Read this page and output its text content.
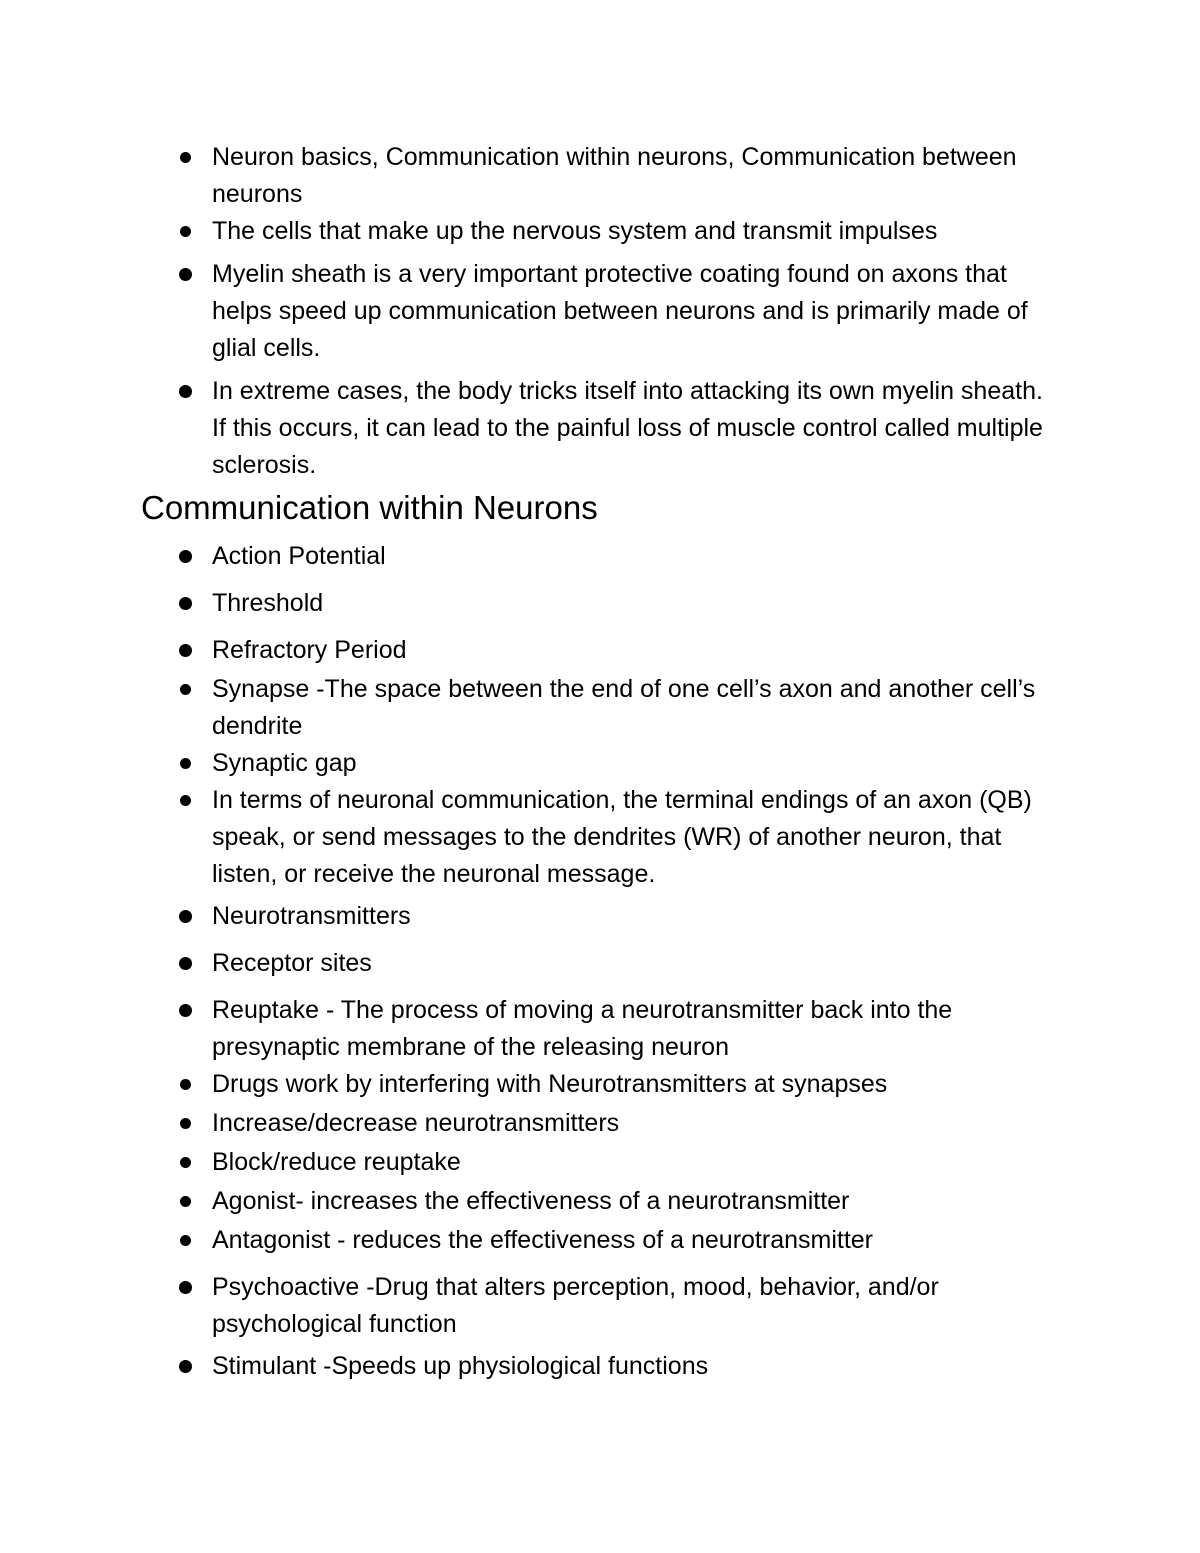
Neuron basics, Communication within neurons, Communication between neurons
The cells that make up the nervous system and transmit impulses
Myelin sheath is a very important protective coating found on axons that helps speed up communication between neurons and is primarily made of glial cells.
In extreme cases, the body tricks itself into attacking its own myelin sheath. If this occurs, it can lead to the painful loss of muscle control called multiple sclerosis.
Communication within Neurons
Action Potential
Threshold
Refractory Period
Synapse -The space between the end of one cell’s axon and another cell’s dendrite
Synaptic gap
In terms of neuronal communication, the terminal endings of an axon (QB) speak, or send messages to the dendrites (WR) of another neuron, that listen, or receive the neuronal message.
Neurotransmitters
Receptor sites
Reuptake - The process of moving a neurotransmitter back into the presynaptic membrane of the releasing neuron
Drugs work by interfering with Neurotransmitters at synapses
Increase/decrease neurotransmitters
Block/reduce reuptake
Agonist- increases the effectiveness of a neurotransmitter
Antagonist - reduces the effectiveness of a neurotransmitter
Psychoactive -Drug that alters perception, mood, behavior, and/or psychological function
Stimulant -Speeds up physiological functions
